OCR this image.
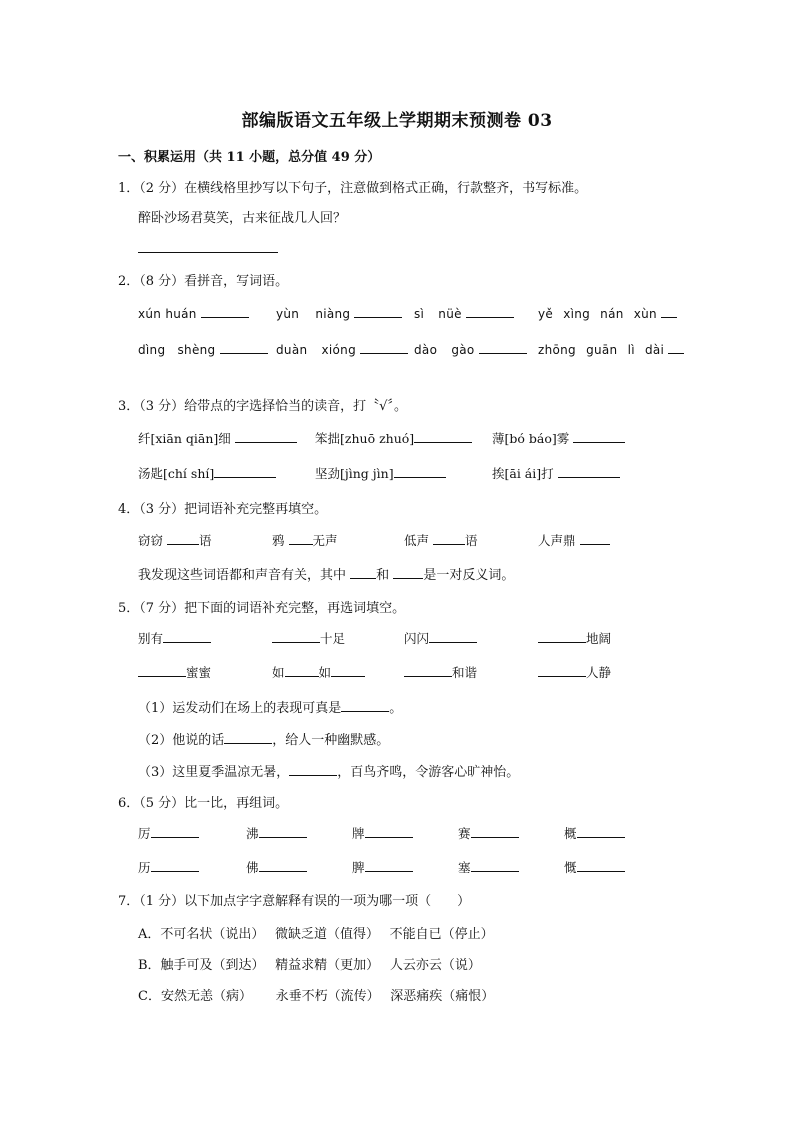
部编版语文五年级上学期期末预测卷 03
一、积累运用（共 11 小题，总分值 49 分）
1．（2 分）在横线格里抄写以下句子，注意做到格式正确，行款整齐，书写标准。
醉卧沙场君莫笑，古来征战几人回？
2．（8 分）看拼音，写词语。
xún huán	yùn niàng	sì nüè	yě xìng nán xùn
dìng shèng	duàn xióng	dào gào	zhōng guān lì dài
3．（3 分）给带点的字选择恰当的读音，打〝√〞。
纤[xiān qiān]细	笨拙[zhuō zhuó]	薄[bó báo]雾
汤匙[chí shí]	坚劲[jìng jìn]	挨[āi ái]打
4．（3 分）把词语补充完整再填空。
窃窃	语	鸦 无声	低声	语	人声鼎
我发现这些词语都和声音有关，其中 和	是一对反义词。
5．（7 分）把下面的词语补充完整，再选词填空。
别有	十足	闪闪	地阔
蜜蜜	如	如	和谐	人静
（1）运发动们在场上的表现可真是	。
（2）他说的话	，给人一种幽默感。
（3）这里夏季温凉无暑，	，百鸟齐鸣，令游客心旷神怡。
6．（5 分）比一比，再组词。
厉	沸	牌	赛	概
历	佛	脾	塞	慨
7．（1 分）以下加点字字意解释有误的一项为哪一项（　　）
A．不可名状（说出）　 微缺乏道（值得）　 不能自已（停止）
B．触手可及（到达）　 精益求精（更加）　 人云亦云（说）
C．安然无恙（病）　　 永垂不朽（流传）　 深恶痛疾（痛恨）
